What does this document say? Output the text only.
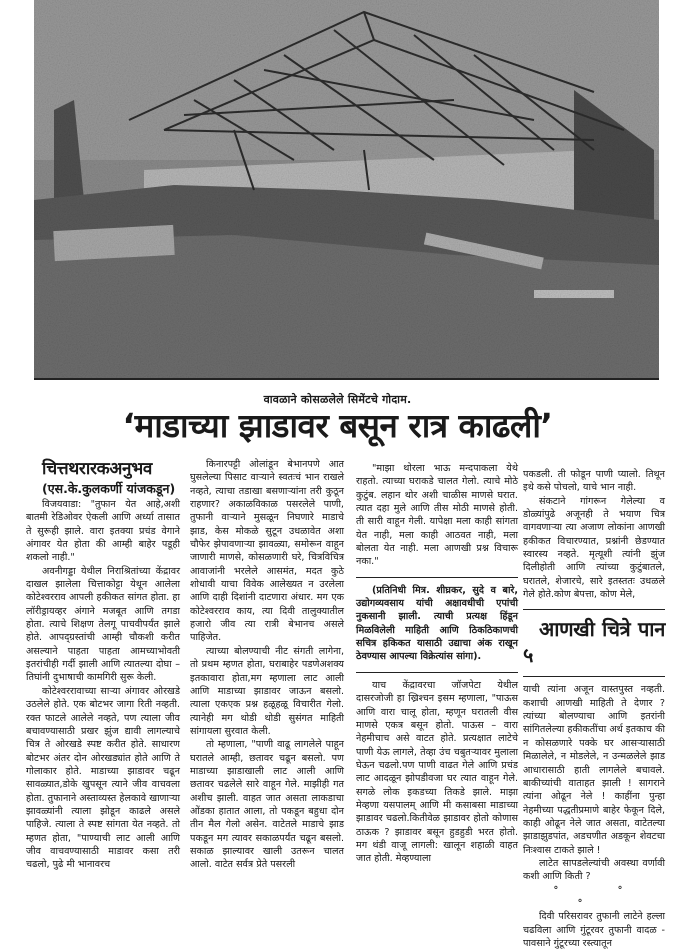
वावळाने कोसळलेले सिमेंटचे गोदाम.
‘माडाच्या झाडावर बसून रात्र काढली’

चित्तथरारकअनुभव

(एस.के.कुलकर्णी यांजकडून)

विजयवाडा: "तुफान येत आहे,अशी बातमी रेडिओवर ऐकली आणि अर्ध्या तासात ते सुरूही झाले. वारा इतक्या प्रचंड वेगाने अंगावर येत होता की आम्ही बाहेर पडूही शकलो नाही."

अवनीगड्डा येथील निराश्रितांच्या केंद्रावर दाखल झालेला चित्ताकोट्टा येथून आलेला कोटेश्वरराव आपली हकीकत सांगत होता. हा लॉरीड्रायव्हर अंगाने मजबूत आणि तगडा होता. त्याचे शिक्षण तेलगू पाचवीपर्यंत झाले होते. आपद्ग्रस्तांची आम्ही चौकशी करीत असल्याने पाहता पाहता आमच्याभोवती इतरांचीही गर्दी झाली आणि त्यातल्या दोघा – तिघांनी दुभाषाची कामगिरी सुरू केली.

कोटेश्वररावाच्या साऱ्या अंगावर ओरखडे उठलेले होते. एक बोटभर जागा रिती नव्हती. रक्त फाटले आलेले नव्हते, पण त्याला जीव बचावण्यासाठी प्रखर झुंज द्यावी लागल्याचे चित्र ते ओरखडे स्पष्ट करीत होते. साधारण बोटभर अंतर दोन ओरखड्यांत होते आणि ते गोलाकार होते. माडाच्या झाडावर चढून सावळ्यात,डोके खुपसून त्याने जीव वाचवला होता. तुफानाने अस्ताव्यस्त हेलकावे खाणाऱ्या झावळ्यांनी त्याला झोडून काढले असले पाहिजे. त्याला ते स्पष्ट सांगता येत नव्हते. तो म्हणत होता, "पाण्याची लाट आली आणि जीव वाचवण्यासाठी माडावर कसा तरी चढलो, पुढे मी भानावरच

किनारपट्टी ओलांडून बेभानपणे आत घुसलेल्या पिसाट वाऱ्याने स्वतःचं भान राखले नव्हते, त्याचा तडाखा बसणाऱ्यांना तरी कुठून राहणार? अकाळविकाळ पसरलेले पाणी, तुफानी वाऱ्याने मुसळून निघणारे माडाचे झाड, केस मोकळे सुटून उधळावेत अशा चौफेर झेपावणाऱ्या झावळ्या, समोरून वाहून जाणारी माणसे, कोसळणारी घरे, चित्रविचित्र आवाजांनी भरलेले आसमंत, मदत कुठे शोधावी याचा विवेक आलेख्यत न उरलेला आणि दाही दिशांनी दाटणारा अंधार. मग एक कोटेश्वरराव काय, त्या दिवी तालुक्यातील हजारो जीव त्या रात्री बेभानच असले पाहिजेत.

त्याच्या बोलण्याची नीट संगती लागेना, तो प्रथम म्हणत होता, घराबाहेर पडणेअशक्य इतकावारा होता,मग म्हणाला लाट आली आणि माडाच्या झाडावर जाऊन बसलो. त्याला एकएक प्रश्न हळूहळू विचारीत गेलो. त्यानेही मग थोडी थोडी सुसंगत माहिती सांगायला सुरवात केली.

तो म्हणाला, "पाणी वाढू लागलेले पाहून घरातले आम्ही, छतावर चढून बसलो. पण माडाच्या झाडाखाली लाट आली आणि छतावर चढलेले सारे वाहून गेले. माझीही गत अशीच झाली. वाहत जात असता लाकडाचा ओंडका हातात आला, तो पकडून बहुधा दोन तीन मैल गेलो असेन. वाटेतले माडाचे झाड पकडून मग त्यावर सकाळपर्यंत चढून बसलो. सकाळ झाल्यावर खाली उतरून चालत आलो. वाटेत सर्वत्र प्रेते पसरली

"माझा थोरला भाऊ मन्दपाकला येथे राहतो. त्याच्या घराकडे चालत गेलो. त्याचे मोठे कुटुंब. लहान थोर अशी चाळीस माणसे घरात. त्यात दहा मुले आणि तीस मोठी माणसे होती. ती सारी वाहून गेली. यापेक्षा मला काही सांगता येत नाही, मला काही आठवत नाही, मला बोलता येत नाही. मला आणखी प्रश्न विचारू नका."

(प्रतिनिधी मित्र. शीघ्रकर, सुदे व बारे, उद्योगव्यवसाय यांची अक्षावधीची एपांची नुकसानी झाली. त्याची प्रत्यक्ष हिंडून मिळविलेली माहिती आणि ठिकठिकाणची सचित्र हकिकत यासाठी उद्याचा अंक राखून ठेवण्यास आपल्या विक्रेत्यांस सांगा).

याच केंद्रावरचा जॉजपेटा येथील दासरजोजी हा ख्रिश्चन इसम म्हणाला, "पाऊस आणि वारा चालू होता, म्हणून घरातली वीस माणसे एकत्र बसून होतो. पाऊस – वारा नेहमीचाच असे वाटत होते. प्रत्यक्षात लाटेचे पाणी येऊ लागले, तेव्हा उंच चबुतऱ्यावर मुलाला घेऊन चढलो.पण पाणी वाढत गेले आणि प्रचंड लाट आदळून झोपडीवजा घर त्यात वाहून गेले. सगळे लोक इकडच्या तिकडे झाले. माझा मेव्हणा यसपालम् आणि मी कसाबसा माडाच्या झाडावर चढलो.कितीवेळ झाडावर होतो कोणास ठाऊक ? झाडावर बसून हुडहुडी भरत होतो. मग थंडी वाजू लागली: खालून शहाळी वाहत जात होती. मेव्हण्याला

पकडली. ती फोडून पाणी प्यालो. तिथून इथे कसे पोचलो, याचे भान नाही.

संकटाने गांगरून गेलेल्या व डोळ्यांपुढे अजूनही ते भयाण चित्र वागवणाऱ्या त्या अजाण लोकांना आणखी हकीकत विचारण्यात, प्रश्नांनी छेडण्यात स्वारस्य नव्हते. मृत्यूशी त्यांनी झुंज दिलीहोती आणि त्यांच्या कुटुंबातले, घरातले, शेजारचे, सारे इतस्ततः उधळले गेले होते.कोण बेपत्ता, कोण मेले,

आणखी चित्रे पान ५

याची त्यांना अजून वास्तपुस्त नव्हती. कशाची आणखी माहिती ते देणार ? त्यांच्या बोलण्याचा आणि इतरांनी सांगितलेल्या हकीकतींचा अर्थ इतकाच की न कोसळणारे पक्के घर आसऱ्यासाठी मिळालेले, न मोडलेले, न उन्मळलेले झाड आधारासाठी हाती लागलेले बचावले. बाकीच्यांची वाताहत झाली ! सागराने त्यांना ओढून नेले ! काहींना पुन्हा नेहमीच्या पद्धतीप्रमाणे बाहेर फेकून दिले, काही ओढून नेले जात असता, वाटेतल्या झाडाझुडपांत, अडचणीत अडकून शेवटचा निःश्वास टाकते झाले !

लाटेत सापडलेल्यांची अवस्था वर्णावी कशी आणि किती ?

° ° °

दिवी परिसरावर तुफानी लाटेने हल्ला चढविला आणि गुंटूरवर तुफानी वादळ - पावसाने गुंटूरच्या रस्त्यातून
